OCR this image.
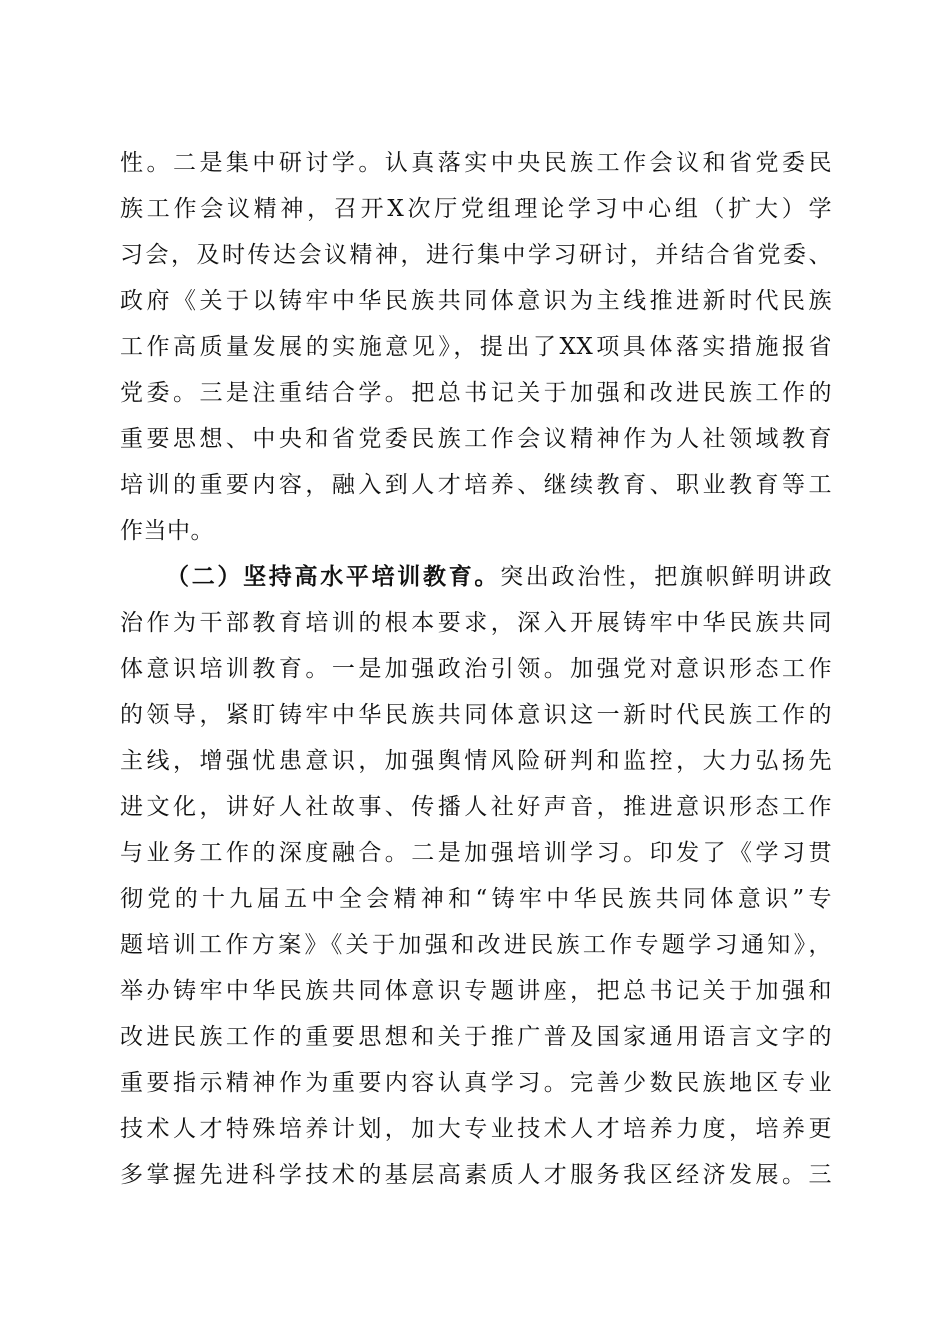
性。二是集中研讨学。认真落实中央民族工作会议和省党委民
族工作会议精神，召开X次厅党组理论学习中心组（扩大）学
习会，及时传达会议精神，进行集中学习研讨，并结合省党委、
政府《关于以铸牢中华民族共同体意识为主线推进新时代民族
工作高质量发展的实施意见》，提出了XX项具体落实措施报省
党委。三是注重结合学。把总书记关于加强和改进民族工作的
重要思想、中央和省党委民族工作会议精神作为人社领域教育
培训的重要内容，融入到人才培养、继续教育、职业教育等工
作当中。
（二）坚持高水平培训教育。突出政治性，把旗帜鲜明讲政
治作为干部教育培训的根本要求，深入开展铸牢中华民族共同
体意识培训教育。一是加强政治引领。加强党对意识形态工作
的领导，紧盯铸牢中华民族共同体意识这一新时代民族工作的
主线，增强忧患意识，加强舆情风险研判和监控，大力弘扬先
进文化，讲好人社故事、传播人社好声音，推进意识形态工作
与业务工作的深度融合。二是加强培训学习。印发了《学习贯
彻党的十九届五中全会精神和“铸牢中华民族共同体意识”专
题培训工作方案》《关于加强和改进民族工作专题学习通知》，
举办铸牢中华民族共同体意识专题讲座，把总书记关于加强和
改进民族工作的重要思想和关于推广普及国家通用语言文字的
重要指示精神作为重要内容认真学习。完善少数民族地区专业
技术人才特殊培养计划，加大专业技术人才培养力度，培养更
多掌握先进科学技术的基层高素质人才服务我区经济发展。三
